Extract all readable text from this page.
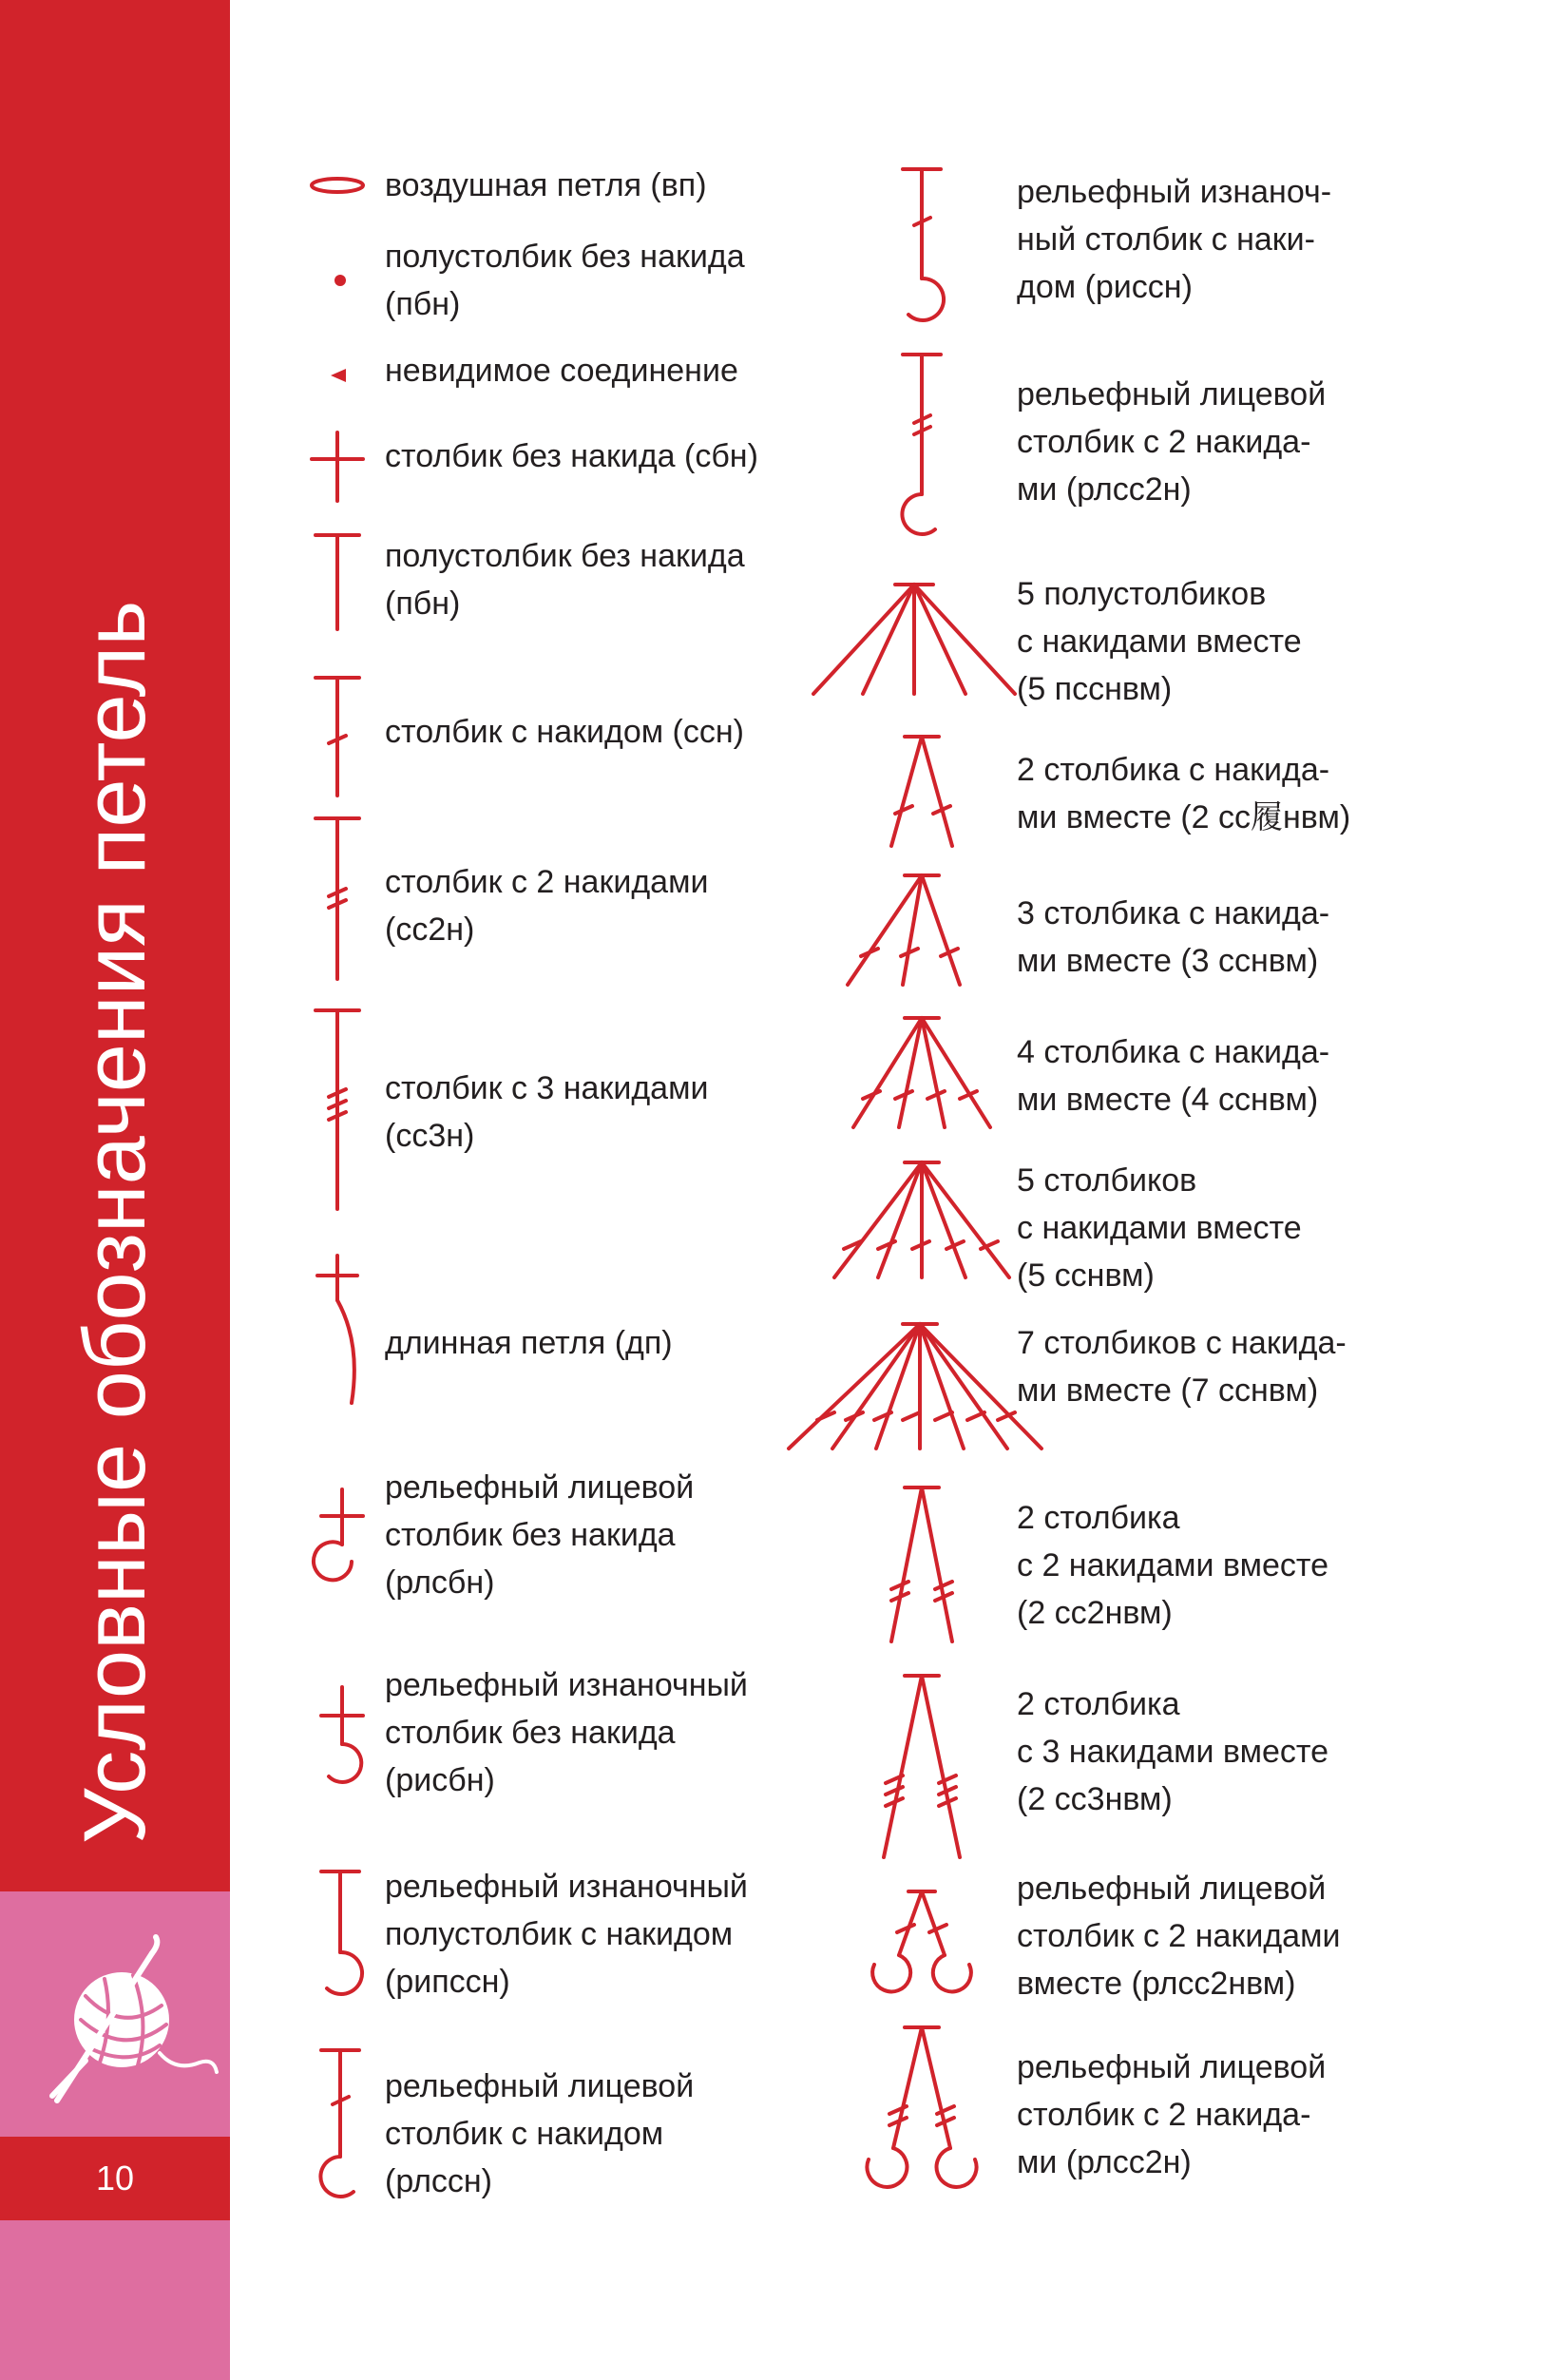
10
Условные обозначения петель
воздушная петля (вп)
полустолбик без накида
(пбн)
невидимое соединение
столбик без накида (сбн)
полустолбик без накида
(пбн)
столбик с накидом (ссн)
столбик с 2 накидами
(сс2н)
столбик с 3 накидами
(сс3н)
длинная петля (дп)
рельефный лицевой
столбик без накида
(рлсбн)
рельефный изнаночный
столбик без накида
(рисбн)
рельефный изнаночный
полустолбик с накидом
(рипссн)
рельефный лицевой
столбик с накидом
(рлссн)
рельефный изнаноч-
ный столбик с наки-
дом (риссн)
рельефный лицевой
столбик с 2 накида-
ми (рлсс2н)
5 полустолбиков
с накидами вместе
(5 псснвм)
2 столбика с накида-
ми вместе (2 сс履нвм)
3 столбика с накида-
ми вместе (3 сснвм)
4 столбика с накида-
ми вместе (4 сснвм)
5 столбиков
с накидами вместе
(5 сснвм)
7 столбиков с накида-
ми вместе (7 сснвм)
2 столбика
с 2 накидами вместе
(2 сс2нвм)
2 столбика
с 3 накидами вместе
(2 сс3нвм)
рельефный лицевой
столбик с 2 накидами
вместе (рлсс2нвм)
рельефный лицевой
столбик с 2 накида-
ми (рлсс2н)
